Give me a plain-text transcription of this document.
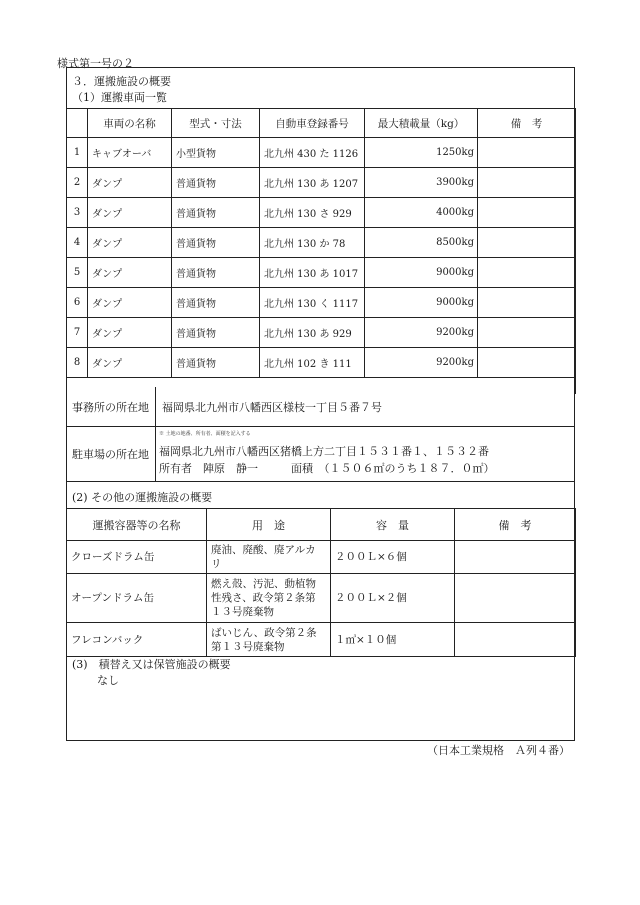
様式第一号の２
３．運搬施設の概要
（1）運搬車両一覧
	車両の名称	型式・寸法	自動車登録番号	最大積載量（kg）	備　考
1	キャブオーバ	小型貨物	北九州 430 た 1126	1250kg	
2	ダンプ	普通貨物	北九州 130 あ 1207	3900kg	
3	ダンプ	普通貨物	北九州 130 さ 929	4000kg	
4	ダンプ	普通貨物	北九州 130 か 78	8500kg	
5	ダンプ	普通貨物	北九州 130 あ 1017	9000kg	
6	ダンプ	普通貨物	北九州 130 く 1117	9000kg	
7	ダンプ	普通貨物	北九州 130 あ 929	9200kg	
8	ダンプ	普通貨物	北九州 102 き 111	9200kg	

事務所の所在地	福岡県北九州市八幡西区様枝一丁目５番７号
駐車場の所在地
※ 土地の地番、所有者、面積を記入する
福岡県北九州市八幡西区猪橋上方二丁目１５３１番１、１５３２番
所有者　陣原　静一　　　面積　（１５０６㎡のうち１８７．０㎡）
(2) その他の運搬施設の概要
運搬容器等の名称	用　途	容　量	備　考
クローズドラム缶	廃油、廃酸、廃アルカリ	２００Ｌ×６個	
オープンドラム缶	燃え殻、汚泥、動植物性残さ、政令第２条第１３号廃棄物	２００Ｌ×２個	
フレコンバック	ばいじん、政令第２条第１３号廃棄物	１㎥×１０個	
(3)　積替え又は保管施設の概要
なし
（日本工業規格　Ａ列４番）
